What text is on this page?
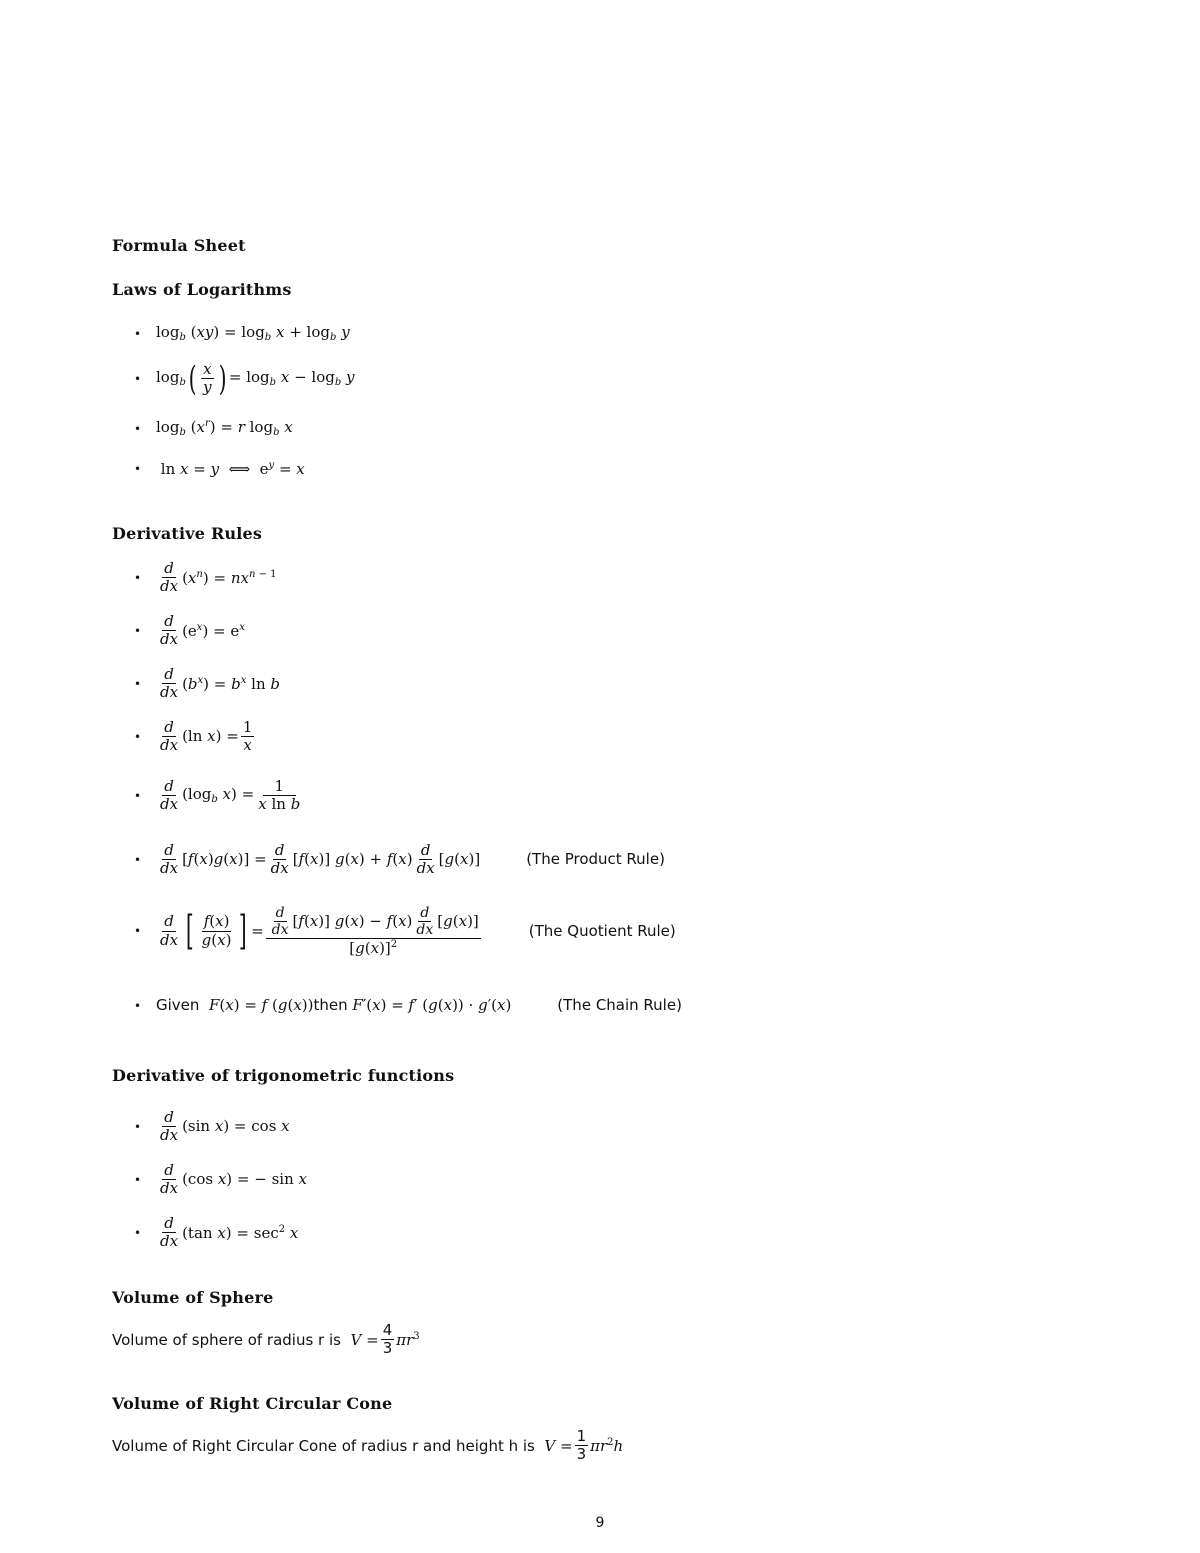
Formula Sheet
Laws of Logarithms
• $\log_b (xy) = \log_b x + \log_b y$
• $\log_b$ ( $\frac{x}{y}$ ) = $\log_b x - \log_b y$
• $\log_b (x^r) = r$ $\log_b x$
• ln x = y  ⟺  $e^y = x$
Derivative Rules
•	$\frac{d}{dx} (x^n) = nx^{n - 1}$
•	$\frac{d}{dx} (e^x) = e^x$
•	$\frac{d}{dx} (b^x) = b^x$ ln b
•	$\frac{d}{dx} (\ln$ $x) = \frac{1}{x}$
•	$\frac{d}{dx} (\log_b$ $x) = \frac{1}{\text{x ln b}}$
•	$\frac{d}{dx} [f(x)g(x)] = \frac{d}{dx} [f(x)] g(x) + f(x) \frac{d}{dx} [g(x)]$	(The Product Rule)
•	$\frac{d}{dx}$ [ $\frac{f(x)}{g(x)}$ ] = $\frac{\frac{d}{dx} [f(x)] g(x) - f(x) \frac{d}{dx} [g(x)]}{[g(x)]^2}$	(The Quotient Rule)
• Given F(x) = f (g(x)) then F′(x) = f′ (g(x)) · g′(x)	(The Chain Rule)
Derivative of trigonometric functions
•	$\frac{d}{dx} (\sin$ x) = cos x
•	$\frac{d}{dx} (\cos$ x) = − sin x
•	$\frac{d}{dx} (\tan$ $x) = \sec^2 x$
Volume of Sphere
Volume of sphere of radius r is $V = \frac{4}{3} \pi r^3$
Volume of Right Circular Cone
Volume of Right Circular Cone of radius r and height h is $V = \frac{1}{3} \pi r^2h$
9
